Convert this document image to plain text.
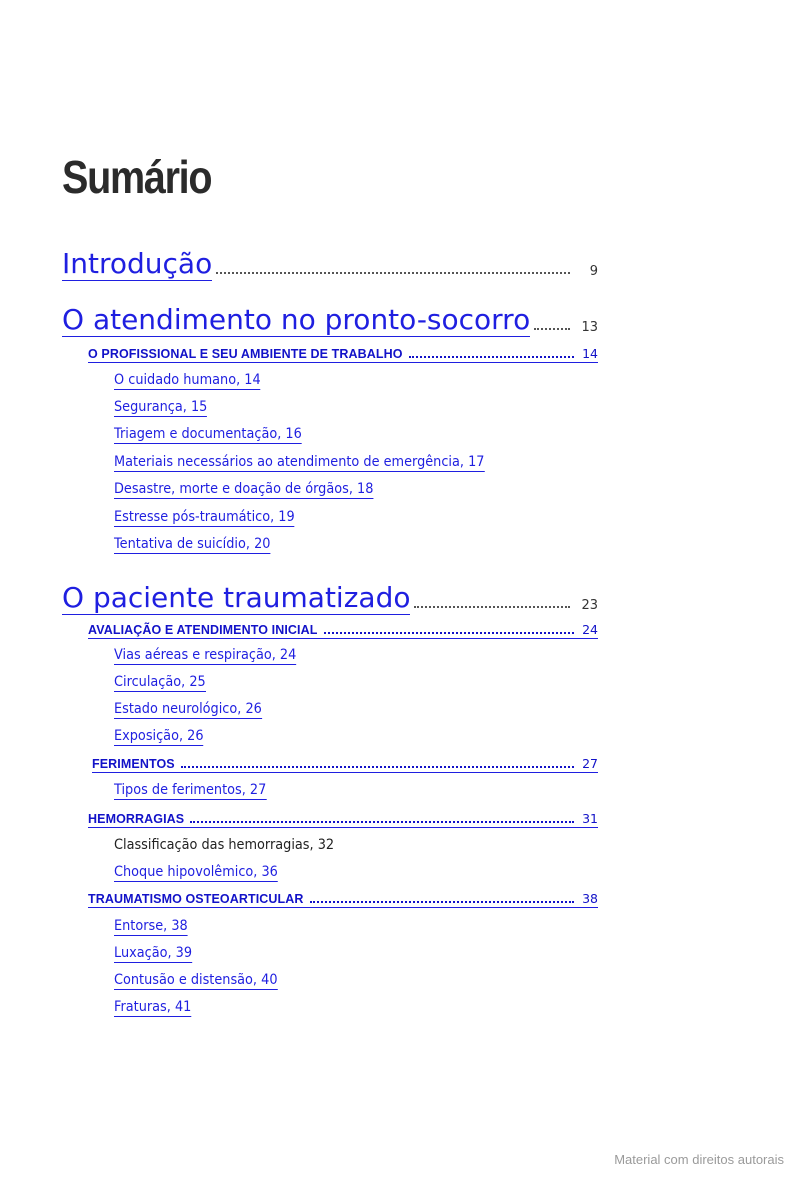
Sumário
Introdução	9
O atendimento no pronto-socorro	13
O PROFISSIONAL E SEU AMBIENTE DE TRABALHO	14
O cuidado humano, 14
Segurança, 15
Triagem e documentação, 16
Materiais necessários ao atendimento de emergência, 17
Desastre, morte e doação de órgãos, 18
Estresse pós-traumático, 19
Tentativa de suicídio, 20
O paciente traumatizado	23
AVALIAÇÃO E ATENDIMENTO INICIAL	24
Vias aéreas e respiração, 24
Circulação, 25
Estado neurológico, 26
Exposição, 26
FERIMENTOS	27
Tipos de ferimentos, 27
HEMORRAGIAS	31
Classificação das hemorragias, 32
Choque hipovolêmico, 36
TRAUMATISMO OSTEOARTICULAR	38
Entorse, 38
Luxação, 39
Contusão e distensão, 40
Fraturas, 41
Material com direitos autorais
